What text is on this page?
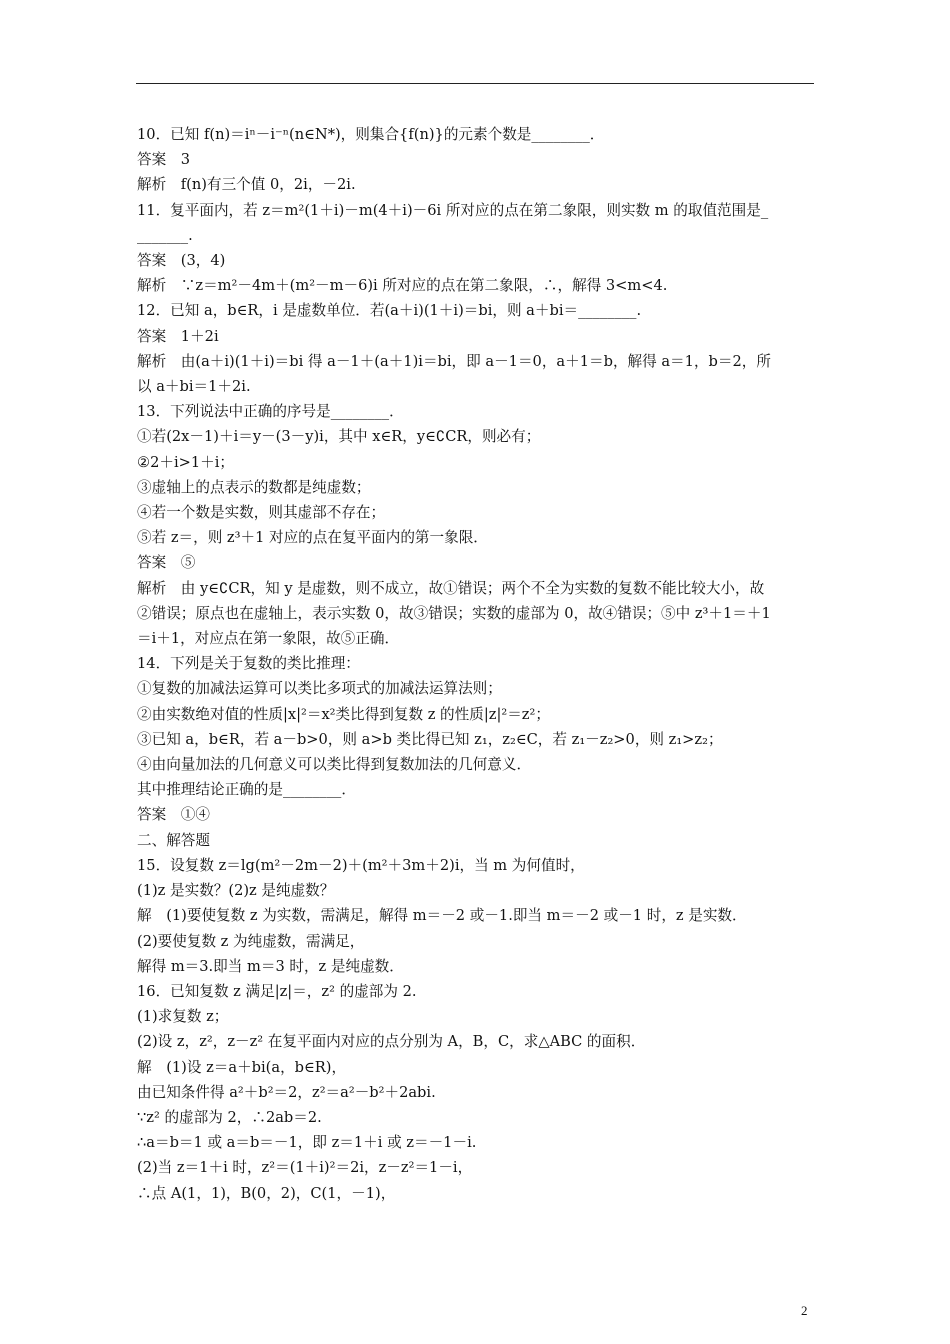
10．已知 f(n)＝iⁿ－i⁻ⁿ(n∈N*)，则集合{f(n)}的元素个数是________．
答案　3
解析　f(n)有三个值 0，2i，－2i.
11．复平面内，若 z＝m²(1＋i)－m(4＋i)－6i 所对应的点在第二象限，则实数 m 的取值范围是_
_______.
答案　(3，4)
解析　∵z＝m²－4m＋(m²－m－6)i 所对应的点在第二象限，∴，解得 3<m<4.
12．已知 a，b∈R，i 是虚数单位．若(a＋i)(1＋i)＝bi，则 a＋bi＝________.
答案　1＋2i
解析　由(a＋i)(1＋i)＝bi 得 a－1＋(a＋1)i＝bi，即 a－1＝0，a＋1＝b，解得 a＝1，b＝2，所
以 a＋bi＝1＋2i.
13．下列说法中正确的序号是________．
①若(2x－1)＋i＝y－(3－y)i，其中 x∈R，y∈∁CR，则必有；
②2＋i>1＋i；
③虚轴上的点表示的数都是纯虚数；
④若一个数是实数，则其虚部不存在；
⑤若 z＝，则 z³＋1 对应的点在复平面内的第一象限．
答案　⑤
解析　由 y∈∁CR，知 y 是虚数，则不成立，故①错误；两个不全为实数的复数不能比较大小，故
②错误；原点也在虚轴上，表示实数 0，故③错误；实数的虚部为 0，故④错误；⑤中 z³＋1＝＋1
＝i＋1，对应点在第一象限，故⑤正确．
14．下列是关于复数的类比推理：
①复数的加减法运算可以类比多项式的加减法运算法则；
②由实数绝对值的性质|x|²＝x²类比得到复数 z 的性质|z|²＝z²；
③已知 a，b∈R，若 a－b>0，则 a>b 类比得已知 z₁，z₂∈C，若 z₁－z₂>0，则 z₁>z₂；
④由向量加法的几何意义可以类比得到复数加法的几何意义．
其中推理结论正确的是________．
答案　①④
二、解答题
15．设复数 z＝lg(m²－2m－2)＋(m²＋3m＋2)i，当 m 为何值时，
(1)z 是实数？(2)z 是纯虚数？
解　(1)要使复数 z 为实数，需满足，解得 m＝－2 或－1.即当 m＝－2 或－1 时，z 是实数．
(2)要使复数 z 为纯虚数，需满足，
解得 m＝3.即当 m＝3 时，z 是纯虚数．
16．已知复数 z 满足|z|＝，z² 的虚部为 2.
(1)求复数 z；
(2)设 z，z²，z－z² 在复平面内对应的点分别为 A，B，C，求△ABC 的面积．
解　(1)设 z＝a＋bi(a，b∈R)，
由已知条件得 a²＋b²＝2，z²＝a²－b²＋2abi.
∵z² 的虚部为 2，∴2ab＝2.
∴a＝b＝1 或 a＝b＝－1，即 z＝1＋i 或 z＝－1－i.
(2)当 z＝1＋i 时，z²＝(1＋i)²＝2i，z－z²＝1－i，
∴点 A(1，1)，B(0，2)，C(1，－1)，
2
